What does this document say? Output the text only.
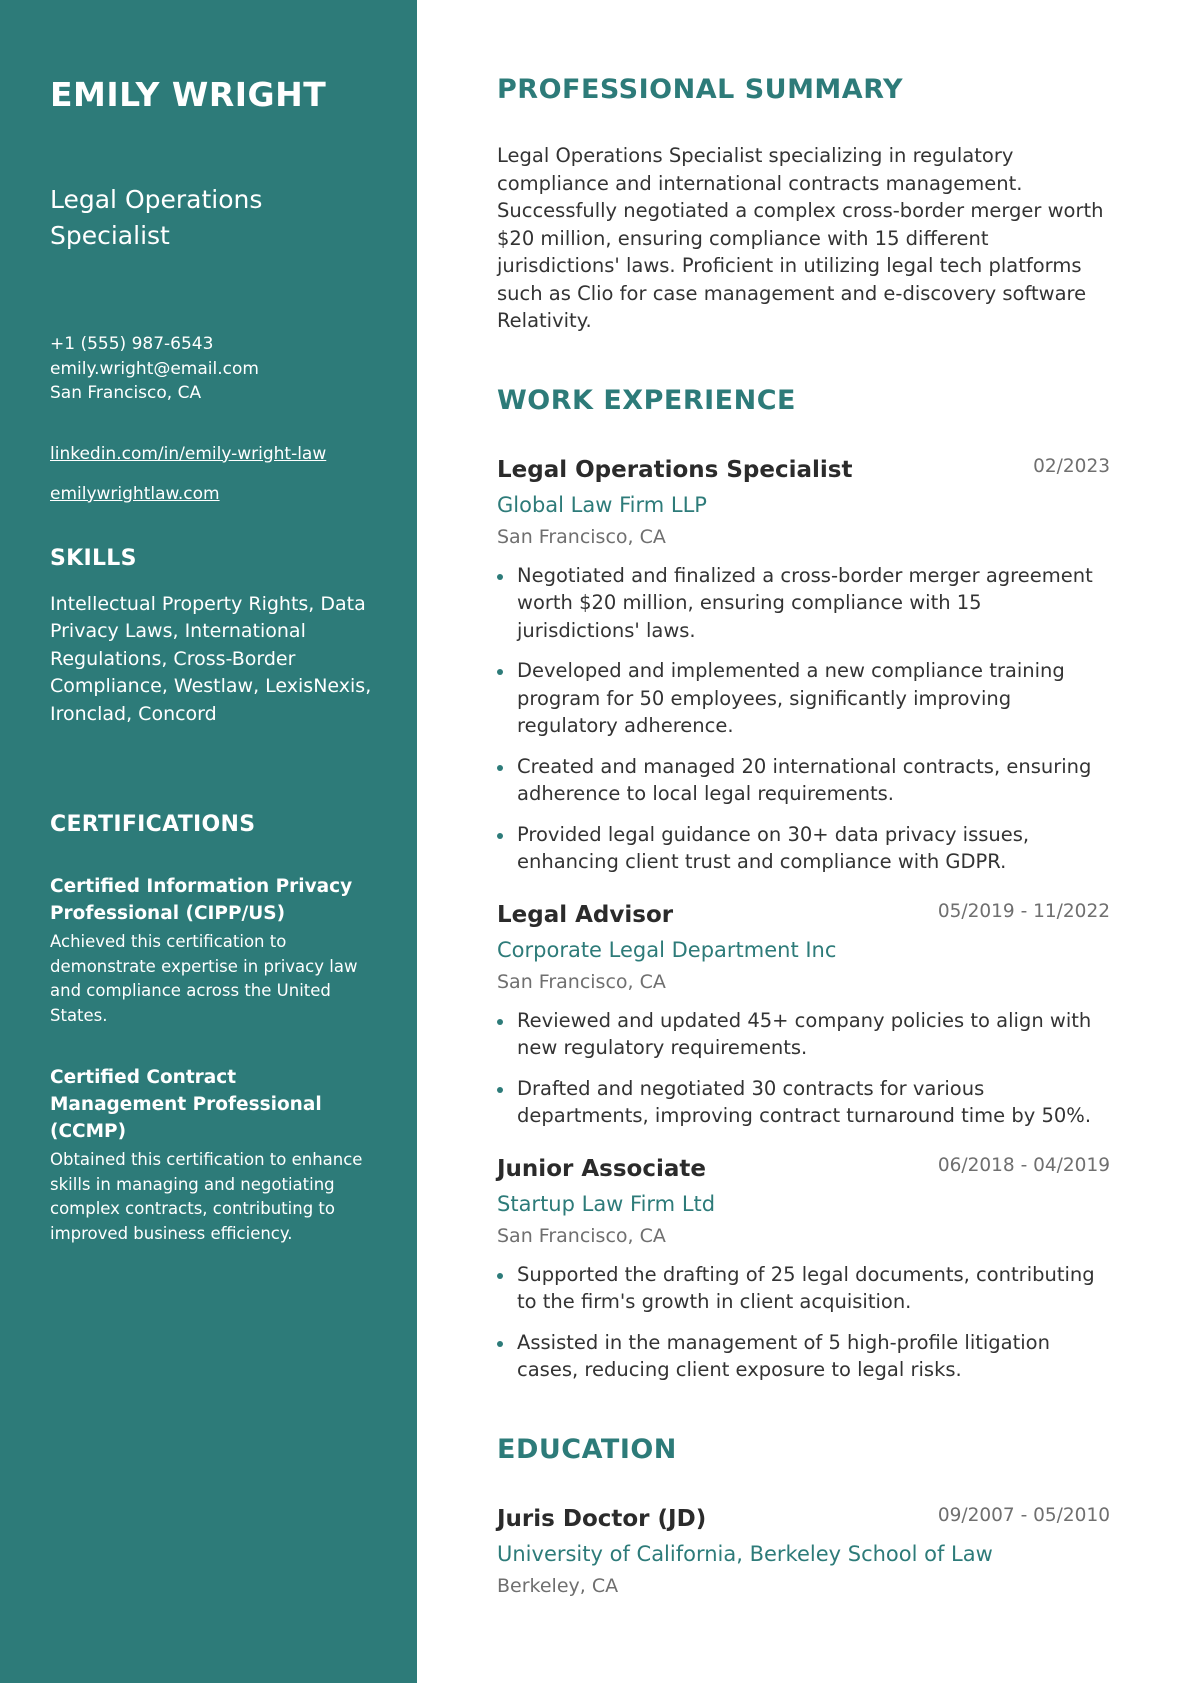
EMILY WRIGHT
Legal Operations Specialist
+1 (555) 987-6543
emily.wright@email.com
San Francisco, CA
linkedin.com/in/emily-wright-law
emilywrightlaw.com
SKILLS
Intellectual Property Rights, Data Privacy Laws, International Regulations, Cross-Border Compliance, Westlaw, LexisNexis, Ironclad, Concord
CERTIFICATIONS
Certified Information Privacy Professional (CIPP/US)
Achieved this certification to demonstrate expertise in privacy law and compliance across the United States.
Certified Contract Management Professional (CCMP)
Obtained this certification to enhance skills in managing and negotiating complex contracts, contributing to improved business efficiency.
PROFESSIONAL SUMMARY
Legal Operations Specialist specializing in regulatory compliance and international contracts management. Successfully negotiated a complex cross-border merger worth $20 million, ensuring compliance with 15 different jurisdictions' laws. Proficient in utilizing legal tech platforms such as Clio for case management and e-discovery software Relativity.
WORK EXPERIENCE
Legal Operations Specialist	02/2023
Global Law Firm LLP
San Francisco, CA
Negotiated and finalized a cross-border merger agreement worth $20 million, ensuring compliance with 15 jurisdictions' laws.
Developed and implemented a new compliance training program for 50 employees, significantly improving regulatory adherence.
Created and managed 20 international contracts, ensuring adherence to local legal requirements.
Provided legal guidance on 30+ data privacy issues, enhancing client trust and compliance with GDPR.
Legal Advisor	05/2019 - 11/2022
Corporate Legal Department Inc
San Francisco, CA
Reviewed and updated 45+ company policies to align with new regulatory requirements.
Drafted and negotiated 30 contracts for various departments, improving contract turnaround time by 50%.
Junior Associate	06/2018 - 04/2019
Startup Law Firm Ltd
San Francisco, CA
Supported the drafting of 25 legal documents, contributing to the firm's growth in client acquisition.
Assisted in the management of 5 high-profile litigation cases, reducing client exposure to legal risks.
EDUCATION
Juris Doctor (JD)	09/2007 - 05/2010
University of California, Berkeley School of Law
Berkeley, CA
